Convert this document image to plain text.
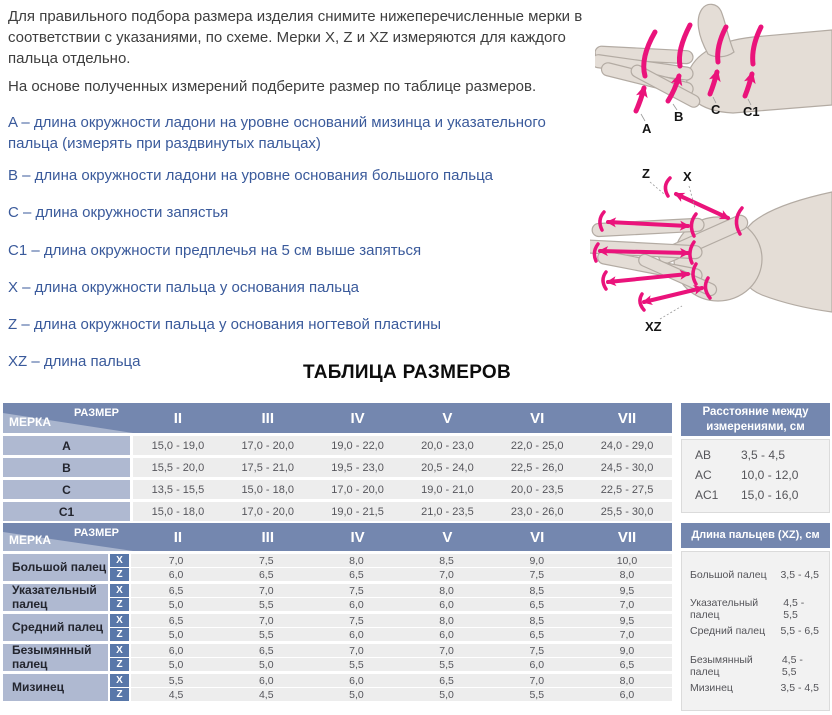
Для правильного подбора размера изделия снимите нижеперечисленные мерки в соответствии с указаниями, по схеме. Мерки X, Z и XZ измеряются для каждого пальца отдельно.

На основе полученных измерений подберите размер по таблице размеров.

A – длина окружности ладони на уровне оснований мизинца и указательного пальца (измерять при раздвинутых пальцах)
B – длина окружности ладони на уровне основания большого пальца
C – длина окружности запястья
C1 – длина окружности предплечья на 5 см выше запяться
X – длина окружности пальца у основания пальца
Z – длина окружности пальца у основания ногтевой пластины
XZ – длина пальца
A
B C C1
Z	X
XZ
ТАБЛИЦА РАЗМЕРОВ
РАЗМЕР
МЕРКА	II	III	IV	V	VI	VII
A	15,0 - 19,0	17,0 - 20,0	19,0 - 22,0	20,0 - 23,0	22,0 - 25,0	24,0 - 29,0
B	15,5 - 20,0	17,5 - 21,0	19,5 - 23,0	20,5 - 24,0	22,5 - 26,0	24,5 - 30,0
C	13,5 - 15,5	15,0 - 18,0	17,0 - 20,0	19,0 - 21,0	20,0 - 23,5	22,5 - 27,5
C1	15,0 - 18,0	17,0 - 20,0	19,0 - 21,5	21,0 - 23,5	23,0 - 26,0	25,5 - 30,0
Расстояние между измерениями, см
AB	3,5 - 4,5
AC	10,0 - 12,0
AC1	15,0 - 16,0
РАЗМЕР
МЕРКА	II	III	IV	V	VI	VII
Большой палец	X	7,0	7,5	8,0	8,5	9,0	10,0
Z	6,0	6,5	6,5	7,0	7,5	8,0
Указательный палец
X	6,5	7,0	7,5	8,0	8,5	9,5
Z	5,0	5,5	6,0	6,0	6,5	7,0
Средний палец	X	6,5	7,0	7,5	8,0	8,5	9,5
Z	5,0	5,5	6,0	6,0	6,5	7,0
Безымянный палец
X	6,0	6,5	7,0	7,0	7,5	9,0
Z	5,0	5,0	5,5	5,5	6,0	6,5
Мизинец	X	5,5	6,0	6,0	6,5	7,0	8,0
Z	4,5	4,5	5,0	5,0	5,5	6,0
Длина пальцев (XZ), см
Большой палец 3,5 - 4,5
Указательный палец
4,5 - 5,5
Средний палец 5,5 - 6,5
Безымянный палец
4,5 - 5,5
Мизинец	3,5 - 4,5
